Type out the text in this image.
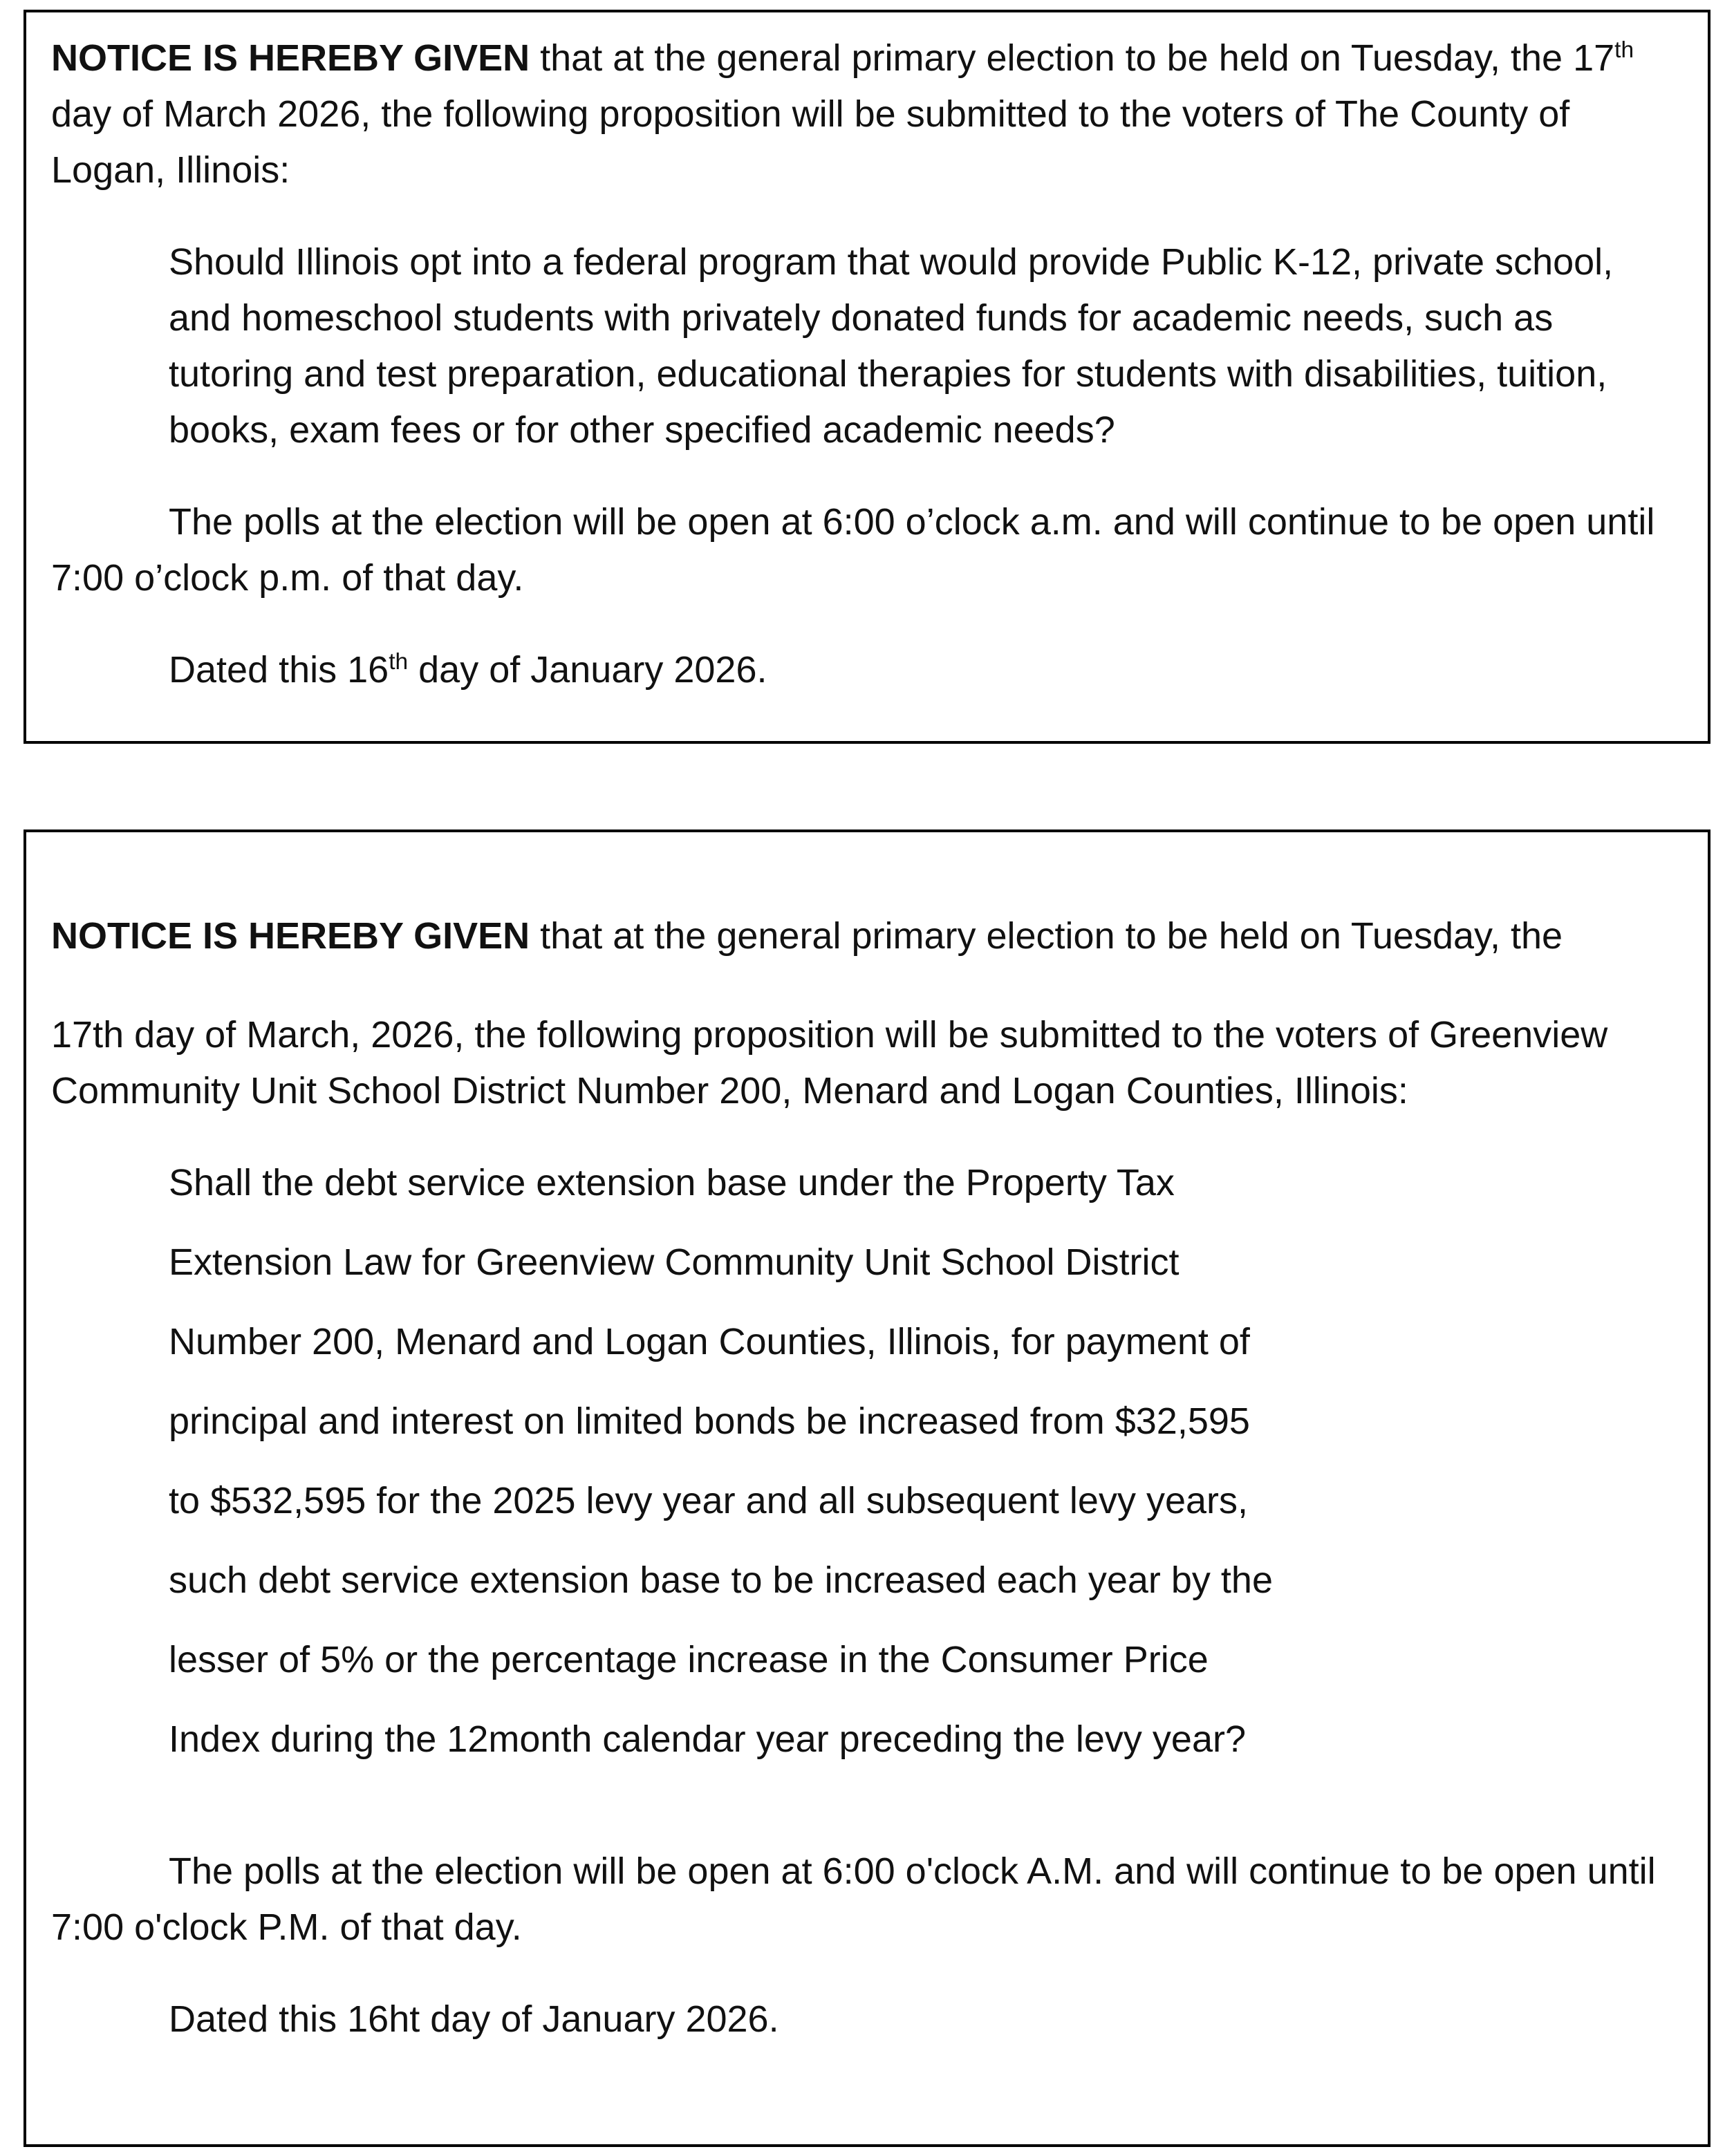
NOTICE IS HEREBY GIVEN that at the general primary election to be held on Tuesday, the 17th day of March 2026, the following proposition will be submitted to the voters of The County of Logan, Illinois:

Should Illinois opt into a federal program that would provide Public K-12, private school, and homeschool students with privately donated funds for academic needs, such as tutoring and test preparation, educational therapies for students with disabilities, tuition, books, exam fees or for other specified academic needs?

The polls at the election will be open at 6:00 o’clock a.m. and will continue to be open until 7:00 o’clock p.m. of that day.

Dated this 16th day of January 2026.

NOTICE IS HEREBY GIVEN that at the general primary election to be held on Tuesday, the

17th day of March, 2026, the following proposition will be submitted to the voters of Greenview Community Unit School District Number 200, Menard and Logan Counties, Illinois:

Shall the debt service extension base under the Property Tax
Extension Law for Greenview Community Unit School District
Number 200, Menard and Logan Counties, Illinois, for payment of
principal and interest on limited bonds be increased from $32,595
to $532,595 for the 2025 levy year and all subsequent levy years,
such debt service extension base to be increased each year by the
lesser of 5% or the percentage increase in the Consumer Price
Index during the 12month calendar year preceding the levy year?

The polls at the election will be open at 6:00 o'clock A.M. and will continue to be open until 7:00 o'clock P.M. of that day.

Dated this 16ht day of January 2026.
